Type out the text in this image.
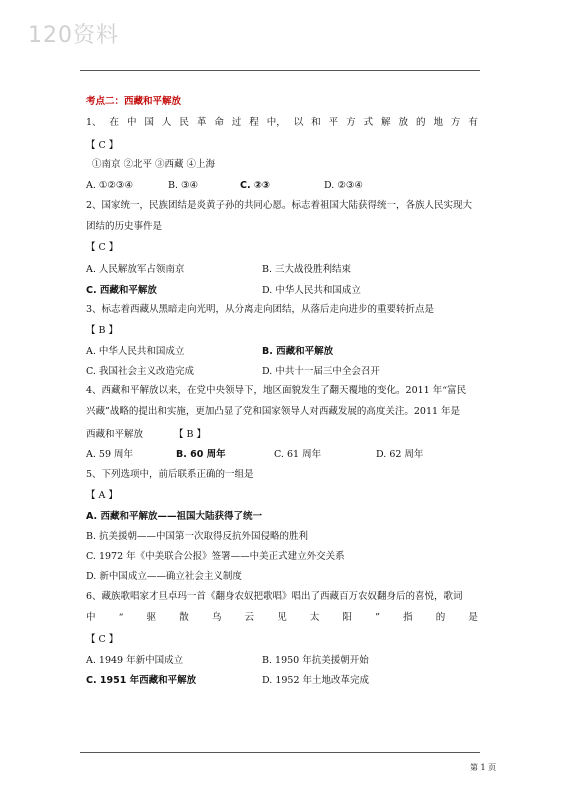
120资料
考点二：西藏和平解放
1、 在 中 国 人 民 革 命 过 程 中， 以 和 平 方 式 解 放 的 地 方 有
【 C 】
①南京 ②北平 ③西藏 ④上海
A. ①②③④	B. ③④	C. ②③	D. ②③④
2、国家统一，民族团结是炎黄子孙的共同心愿。标志着祖国大陆获得统一，各族人民实现大
团结的历史事件是
【 C 】
A. 人民解放军占领南京	B. 三大战役胜利结束
C. 西藏和平解放	D. 中华人民共和国成立
3、标志着西藏从黑暗走向光明，从分离走向团结，从落后走向进步的重要转折点是
【 B 】
A. 中华人民共和国成立	B. 西藏和平解放
C. 我国社会主义改造完成	D. 中共十一届三中全会召开
4、西藏和平解放以来，在党中央领导下，地区面貌发生了翻天覆地的变化。2011 年“富民
兴藏”战略的提出和实施，更加凸显了党和国家领导人对西藏发展的高度关注。2011 年是
西藏和平解放	【 B 】
A. 59 周年	B. 60 周年	C. 61 周年	D. 62 周年
5、下列选项中，前后联系正确的一组是
【 A 】
A. 西藏和平解放——祖国大陆获得了统一
B. 抗美援朝——中国第一次取得反抗外国侵略的胜利
C. 1972 年《中美联合公报》签署——中美正式建立外交关系
D. 新中国成立——确立社会主义制度
6、藏族歌唱家才旦卓玛一首《翻身农奴把歌唱》唱出了西藏百万农奴翻身后的喜悦，歌词
中 “ 驱 散 乌 云 见 太 阳 ” 指 的 是
【 C 】
A. 1949 年新中国成立	B. 1950 年抗美援朝开始
C. 1951 年西藏和平解放	D. 1952 年土地改革完成
第 1 页
